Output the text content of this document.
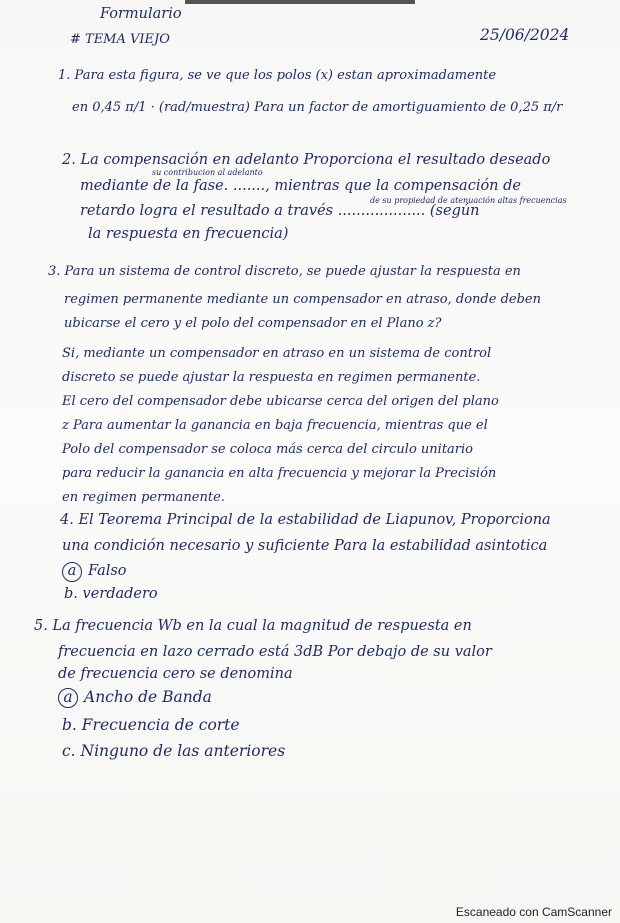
Formulario
# TEMA VIEJO	25/06/2024
1. Para esta figura, se ve que los polos (x) estan aproximadamente
en 0,45 π/1 · (rad/muestra) Para un factor de amortiguamiento de 0,25 π/r
su contribucion al adelanto
2. La compensación en adelanto Proporciona el resultado deseado
mediante de la fase. ......., mientras que la compensación de
de su propiedad de atenuación altas frecuencias
retardo logra el resultado a través ................... (según
la respuesta en frecuencia)
3. Para un sistema de control discreto, se puede ajustar la respuesta en
regimen permanente mediante un compensador en atraso, donde deben
ubicarse el cero y el polo del compensador en el Plano z?
Si, mediante un compensador en atraso en un sistema de control
discreto se puede ajustar la respuesta en regimen permanente.
El cero del compensador debe ubicarse cerca del origen del plano
z Para aumentar la ganancia en baja frecuencia, mientras que el
Polo del compensador se coloca más cerca del circulo unitario
para reducir la ganancia en alta frecuencia y mejorar la Precisión
en regimen permanente.
4. El Teorema Principal de la estabilidad de Liapunov, Proporciona
una condición necesario y suficiente Para la estabilidad asintotica
a Falso
b. verdadero
5. La frecuencia Wb en la cual la magnitud de respuesta en
frecuencia en lazo cerrado está 3dB Por debajo de su valor
de frecuencia cero se denomina
a Ancho de Banda
b. Frecuencia de corte
c. Ninguno de las anteriores
Escaneado con CamScanner
